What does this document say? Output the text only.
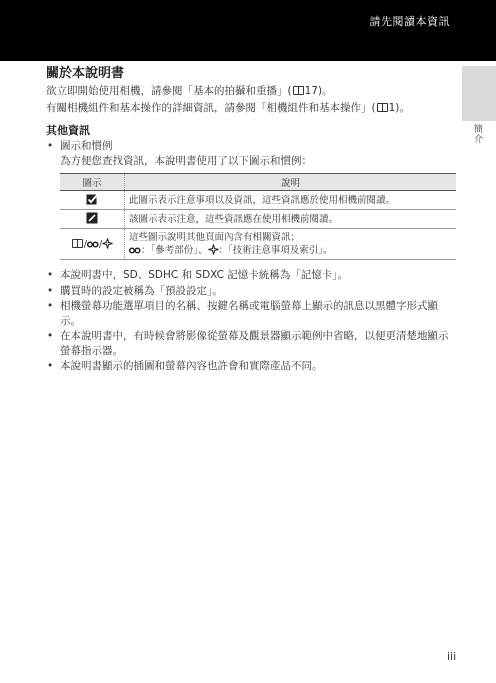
請先閱讀本資訊
簡介
關於本說明書

欲立即開始使用相機，請參閱「基本的拍攝和重播」( 17)。

有關相機組件和基本操作的詳細資訊，請參閱「相機組件和基本操作」( 1)。

其他資訊
• 圖示和慣例
為方便您查找資訊，本說明書使用了以下圖示和慣例：
圖示	說明
	此圖示表示注意事項以及資訊，這些資訊應於使用相機前閱讀。
	該圖示表示注意，這些資訊應在使用相機前閱讀。
/ /	這些圖示說明其他頁面內含有相關資訊；
：「參考部份」、 ：「技術注意事項及索引」。
• 本說明書中，SD、SDHC 和 SDXC 記憶卡統稱為「記憶卡」。
• 購買時的設定被稱為「預設設定」。
• 相機螢幕功能選單項目的名稱、按鍵名稱或電腦螢幕上顯示的訊息以黑體字形式顯示。
• 在本說明書中，有時候會將影像從螢幕及觀景器顯示範例中省略，以便更清楚地顯示螢幕指示器。
• 本說明書顯示的插圖和螢幕內容也許會和實際產品不同。
iii
